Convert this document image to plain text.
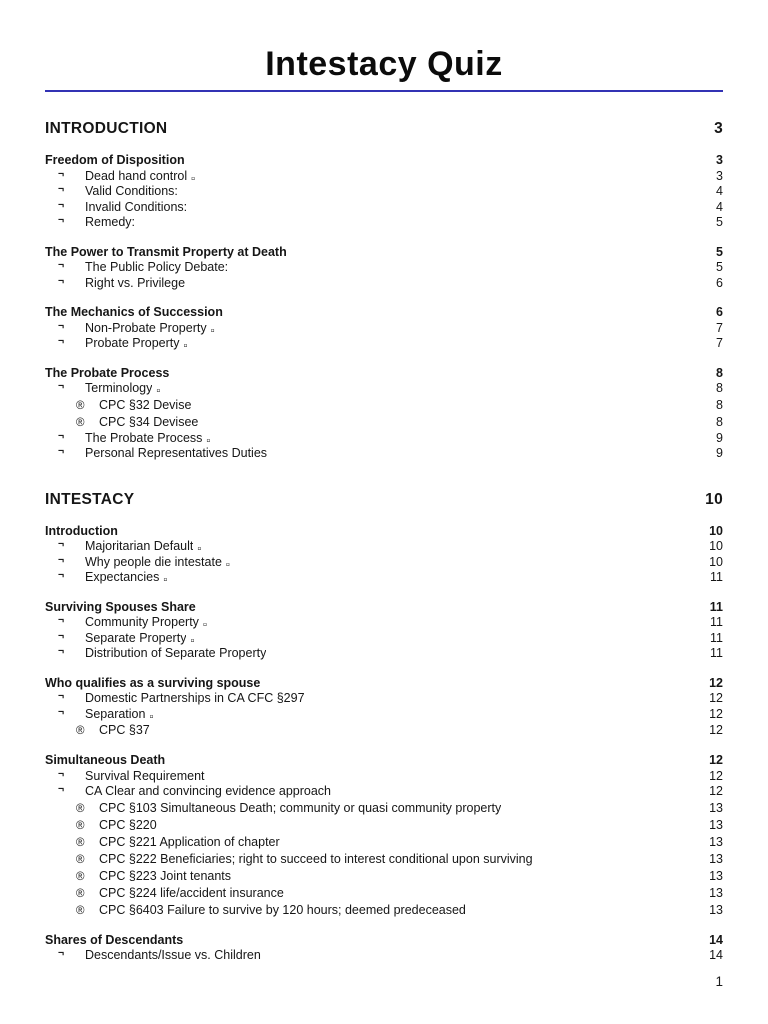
Intestacy Quiz
INTRODUCTION	3
Freedom of Disposition	3
¬	Dead hand control ▫	3
¬	Valid Conditions:	4
¬	Invalid Conditions:	4
¬	Remedy:	5
The Power to Transmit Property at Death	5
¬	The Public Policy Debate:	5
¬	Right vs. Privilege	6
The Mechanics of Succession	6
¬	Non-Probate Property ▫	7
¬	Probate Property ▫	7
The Probate Process	8
¬	Terminology ▫	8
®	CPC §32 Devise	8
®	CPC §34 Devisee	8
¬	The Probate Process ▫	9
¬	Personal Representatives Duties	9
INTESTACY	10
Introduction	10
¬	Majoritarian Default ▫	10
¬	Why people die intestate ▫	10
¬	Expectancies ▫	11
Surviving Spouses Share	11
¬	Community Property ▫	11
¬	Separate Property ▫	11
¬	Distribution of Separate Property	11
Who qualifies as a surviving spouse	12
¬	Domestic Partnerships in CA CFC §297	12
¬	Separation ▫	12
®	CPC §37	12
Simultaneous Death	12
¬	Survival Requirement	12
¬	CA Clear and convincing evidence approach	12
®	CPC §103 Simultaneous Death; community or quasi community property	13
®	CPC §220	13
®	CPC §221 Application of chapter	13
®	CPC §222 Beneficiaries; right to succeed to interest conditional upon surviving	13
®	CPC §223 Joint tenants	13
®	CPC §224 life/accident insurance	13
®	CPC §6403 Failure to survive by 120 hours; deemed predeceased	13
Shares of Descendants	14
¬	Descendants/Issue vs. Children	14
1
